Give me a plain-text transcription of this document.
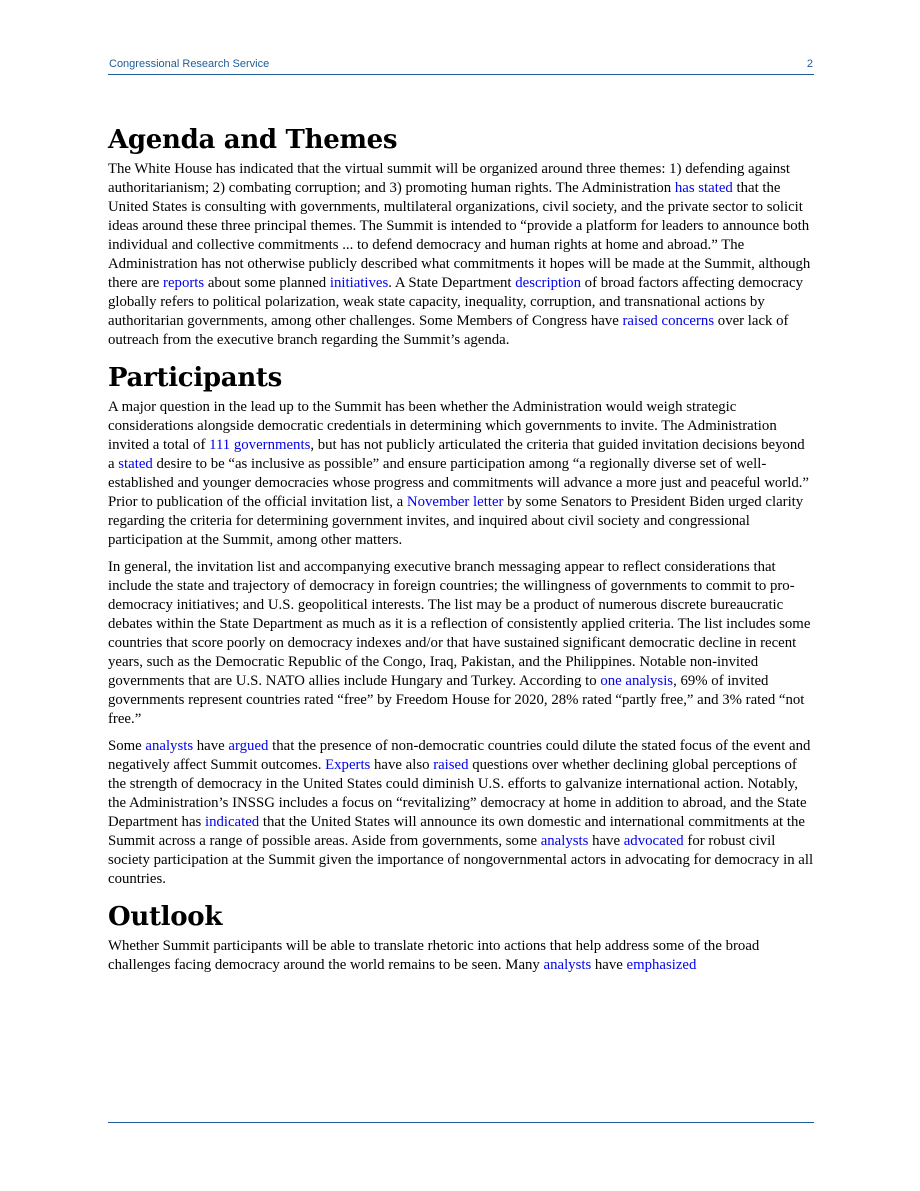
Congressional Research Service	2
Agenda and Themes

The White House has indicated that the virtual summit will be organized around three themes: 1) defending against authoritarianism; 2) combating corruption; and 3) promoting human rights. The Administration has stated that the United States is consulting with governments, multilateral organizations, civil society, and the private sector to solicit ideas around these three principal themes. The Summit is intended to “provide a platform for leaders to announce both individual and collective commitments ... to defend democracy and human rights at home and abroad.” The Administration has not otherwise publicly described what commitments it hopes will be made at the Summit, although there are reports about some planned initiatives. A State Department description of broad factors affecting democracy globally refers to political polarization, weak state capacity, inequality, corruption, and transnational actions by authoritarian governments, among other challenges. Some Members of Congress have raised concerns over lack of outreach from the executive branch regarding the Summit’s agenda.

Participants

A major question in the lead up to the Summit has been whether the Administration would weigh strategic considerations alongside democratic credentials in determining which governments to invite. The Administration invited a total of 111 governments, but has not publicly articulated the criteria that guided invitation decisions beyond a stated desire to be “as inclusive as possible” and ensure participation among “a regionally diverse set of well-established and younger democracies whose progress and commitments will advance a more just and peaceful world.” Prior to publication of the official invitation list, a November letter by some Senators to President Biden urged clarity regarding the criteria for determining government invites, and inquired about civil society and congressional participation at the Summit, among other matters.

In general, the invitation list and accompanying executive branch messaging appear to reflect considerations that include the state and trajectory of democracy in foreign countries; the willingness of governments to commit to pro-democracy initiatives; and U.S. geopolitical interests. The list may be a product of numerous discrete bureaucratic debates within the State Department as much as it is a reflection of consistently applied criteria. The list includes some countries that score poorly on democracy indexes and/or that have sustained significant democratic decline in recent years, such as the Democratic Republic of the Congo, Iraq, Pakistan, and the Philippines. Notable non-invited governments that are U.S. NATO allies include Hungary and Turkey. According to one analysis, 69% of invited governments represent countries rated “free” by Freedom House for 2020, 28% rated “partly free,” and 3% rated “not free.”

Some analysts have argued that the presence of non-democratic countries could dilute the stated focus of the event and negatively affect Summit outcomes. Experts have also raised questions over whether declining global perceptions of the strength of democracy in the United States could diminish U.S. efforts to galvanize international action. Notably, the Administration’s INSSG includes a focus on “revitalizing” democracy at home in addition to abroad, and the State Department has indicated that the United States will announce its own domestic and international commitments at the Summit across a range of possible areas. Aside from governments, some analysts have advocated for robust civil society participation at the Summit given the importance of nongovernmental actors in advocating for democracy in all countries.

Outlook

Whether Summit participants will be able to translate rhetoric into actions that help address some of the broad challenges facing democracy around the world remains to be seen. Many analysts have emphasized
